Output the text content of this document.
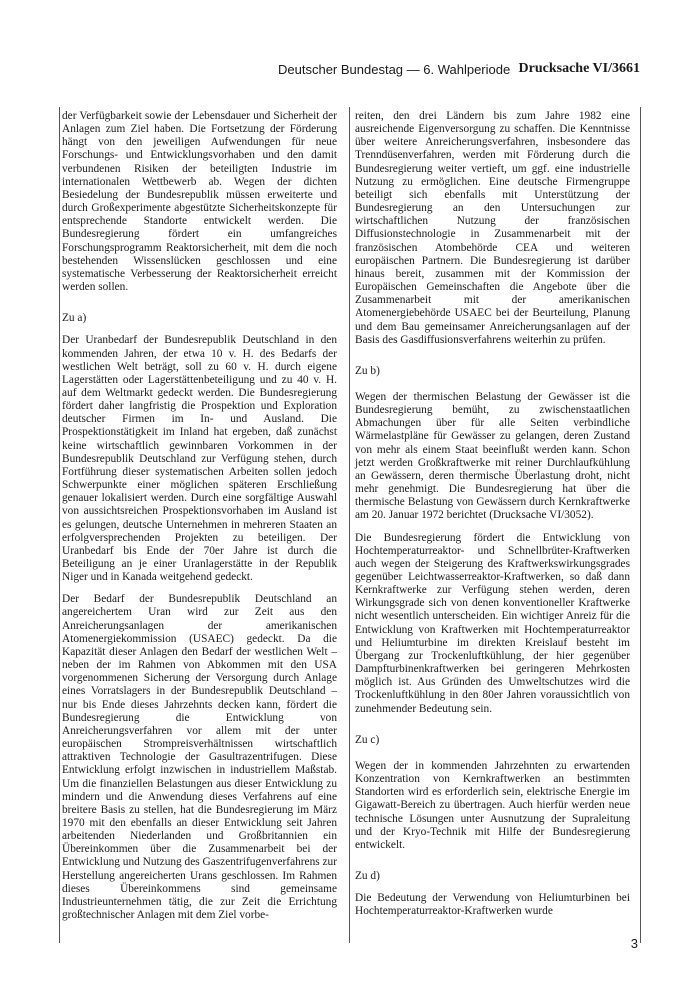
Deutscher Bundestag — 6. Wahlperiode Drucksache VI/3661

der Verfügbarkeit sowie der Lebensdauer und Sicherheit der Anlagen zum Ziel haben. Die Fortsetzung der Förderung hängt von den jeweiligen Aufwendungen für neue Forschungs- und Entwicklungsvorhaben und den damit verbundenen Risiken der beteiligten Industrie im internationalen Wettbewerb ab. Wegen der dichten Besiedelung der Bundesrepublik müssen erweiterte und durch Großexperimente abgestützte Sicherheitskonzepte für entsprechende Standorte entwickelt werden. Die Bundesregierung fördert ein umfangreiches Forschungsprogramm Reaktorsicherheit, mit dem die noch bestehenden Wissenslücken geschlossen und eine systematische Verbesserung der Reaktorsicherheit erreicht werden sollen.

Zu a)

Der Uranbedarf der Bundesrepublik Deutschland in den kommenden Jahren, der etwa 10 v. H. des Bedarfs der westlichen Welt beträgt, soll zu 60 v. H. durch eigene Lagerstätten oder Lagerstättenbeteiligung und zu 40 v. H. auf dem Weltmarkt gedeckt werden. Die Bundesregierung fördert daher langfristig die Prospektion und Exploration deutscher Firmen im In- und Ausland. Die Prospektionstätigkeit im Inland hat ergeben, daß zunächst keine wirtschaftlich gewinnbaren Vorkommen in der Bundesrepublik Deutschland zur Verfügung stehen, durch Fortführung dieser systematischen Arbeiten sollen jedoch Schwerpunkte einer möglichen späteren Erschließung genauer lokalisiert werden. Durch eine sorgfältige Auswahl von aussichtsreichen Prospektionsvorhaben im Ausland ist es gelungen, deutsche Unternehmen in mehreren Staaten an erfolgversprechenden Projekten zu beteiligen. Der Uranbedarf bis Ende der 70er Jahre ist durch die Beteiligung an je einer Uranlagerstätte in der Republik Niger und in Kanada weitgehend gedeckt.

Der Bedarf der Bundesrepublik Deutschland an angereichertem Uran wird zur Zeit aus den Anreicherungsanlagen der amerikanischen Atomenergiekommission (USAEC) gedeckt. Da die Kapazität dieser Anlagen den Bedarf der westlichen Welt – neben der im Rahmen von Abkommen mit den USA vorgenommenen Sicherung der Versorgung durch Anlage eines Vorratslagers in der Bundesrepublik Deutschland – nur bis Ende dieses Jahrzehnts decken kann, fördert die Bundesregierung die Entwicklung von Anreicherungsverfahren vor allem mit der unter europäischen Strompreisverhältnissen wirtschaftlich attraktiven Technologie der Gasultrazentrifugen. Diese Entwicklung erfolgt inzwischen in industriellem Maßstab. Um die finanziellen Belastungen aus dieser Entwicklung zu mindern und die Anwendung dieses Verfahrens auf eine breitere Basis zu stellen, hat die Bundesregierung im März 1970 mit den ebenfalls an dieser Entwicklung seit Jahren arbeitenden Niederlanden und Großbritannien ein Übereinkommen über die Zusammenarbeit bei der Entwicklung und Nutzung des Gaszentrifugenverfahrens zur Herstellung angereicherten Urans geschlossen. Im Rahmen dieses Übereinkommens sind gemeinsame Industrieunternehmen tätig, die zur Zeit die Errichtung großtechnischer Anlagen mit dem Ziel vorbe-

reiten, den drei Ländern bis zum Jahre 1982 eine ausreichende Eigenversorgung zu schaffen. Die Kenntnisse über weitere Anreicherungsverfahren, insbesondere das Trenndüsenverfahren, werden mit Förderung durch die Bundesregierung weiter vertieft, um ggf. eine industrielle Nutzung zu ermöglichen. Eine deutsche Firmengruppe beteiligt sich ebenfalls mit Unterstützung der Bundesregierung an den Untersuchungen zur wirtschaftlichen Nutzung der französischen Diffusionstechnologie in Zusammenarbeit mit der französischen Atombehörde CEA und weiteren europäischen Partnern. Die Bundesregierung ist darüber hinaus bereit, zusammen mit der Kommission der Europäischen Gemeinschaften die Angebote über die Zusammenarbeit mit der amerikanischen Atomenergiebehörde USAEC bei der Beurteilung, Planung und dem Bau gemeinsamer Anreicherungsanlagen auf der Basis des Gasdiffusionsverfahrens weiterhin zu prüfen.

Zu b)

Wegen der thermischen Belastung der Gewässer ist die Bundesregierung bemüht, zu zwischenstaatlichen Abmachungen über für alle Seiten verbindliche Wärmelastpläne für Gewässer zu gelangen, deren Zustand von mehr als einem Staat beeinflußt werden kann. Schon jetzt werden Großkraftwerke mit reiner Durchlaufkühlung an Gewässern, deren thermische Überlastung droht, nicht mehr genehmigt. Die Bundesregierung hat über die thermische Belastung von Gewässern durch Kernkraftwerke am 20. Januar 1972 berichtet (Drucksache VI/3052).

Die Bundesregierung fördert die Entwicklung von Hochtemperaturreaktor- und Schnellbrüter-Kraftwerken auch wegen der Steigerung des Kraftwerkswirkungsgrades gegenüber Leichtwasserreaktor-Kraftwerken, so daß dann Kernkraftwerke zur Verfügung stehen werden, deren Wirkungsgrade sich von denen konventioneller Kraftwerke nicht wesentlich unterscheiden. Ein wichtiger Anreiz für die Entwicklung von Kraftwerken mit Hochtemperaturreaktor und Heliumturbine im direkten Kreislauf besteht im Übergang zur Trockenluftkühlung, der hier gegenüber Dampfturbinenkraftwerken bei geringeren Mehrkosten möglich ist. Aus Gründen des Umweltschutzes wird die Trockenluftkühlung in den 80er Jahren voraussichtlich von zunehmender Bedeutung sein.

Zu c)

Wegen der in kommenden Jahrzehnten zu erwartenden Konzentration von Kernkraftwerken an bestimmten Standorten wird es erforderlich sein, elektrische Energie im Gigawatt-Bereich zu übertragen. Auch hierfür werden neue technische Lösungen unter Ausnutzung der Supraleitung und der Kryo-Technik mit Hilfe der Bundesregierung entwickelt.

Zu d)

Die Bedeutung der Verwendung von Heliumturbinen bei Hochtemperaturreaktor-Kraftwerken wurde

3
